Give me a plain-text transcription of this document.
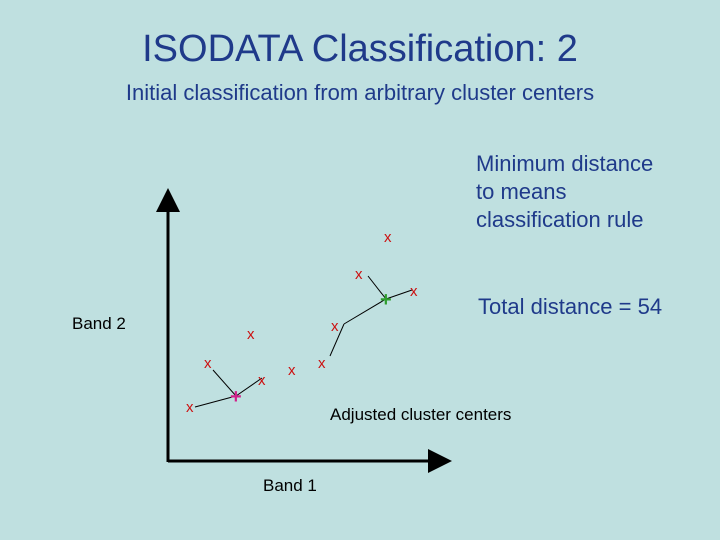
ISODATA Classification: 2
Initial classification from arbitrary cluster centers
Minimum distance
to means
classification rule
Total distance = 54
Adjusted cluster centers
Band 1
Band 2
x
x
x
x
x
x	x x
x
x
+
+
